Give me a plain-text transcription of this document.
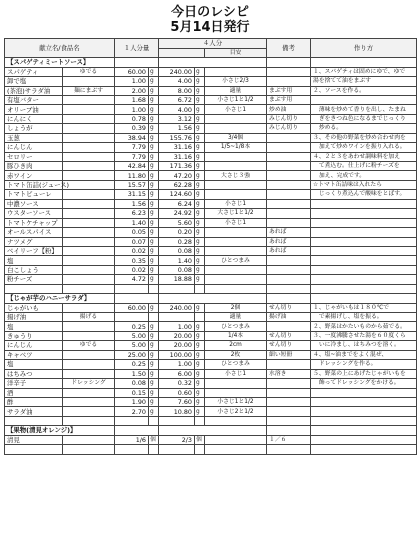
今日のレシピ
5月14日発行
献立名/食品名		１人分量		４人分			備考	作り方
						目安		
【スパゲティミートソース】								
スパゲティ	ゆでる	60.00	g	240.00	g			１、スパゲティは固めにゆで、ゆで
卸で塩		1.00	g	4.00	g	小さじ2/3		湯を捨てて油をまぶす
(茶泡)サラダ油	麺にまぶす	2.00	g	8.00	g	適量	まぶす用	２、ソースを作る。
有塩バター		1.68	g	6.72	g	小さじ1と1/2	まぶす用	
オリーブ油		1.00	g	4.00	g	小さじ1	炒め油	　薄味を炒めて香りを出し、たまね
にんにく		0.78	g	3.12	g		みじん切り	　ぎをきつね色になるまでじっくり
しょうが		0.39	g	1.56	g		みじん切り	　炒める。
玉葱		38.94	g	155.76	g	3/4個		３、その他の野菜を炒め合わせ肉を
にんじん		7.79	g	31.16	g	1/5~1/8本		　加えて炒めワインを振り入れる。
セロリー		7.79	g	31.16	g			４、２と３をあわせ調味料を加え
豚ひき肉		42.84	g	171.36	g			　て煮込む。仕上げに粉チーズを
赤ワイン		11.80	g	47.20	g	大さじ３強		　加え、完成です。
トマト缶詰(ジュース)		15.57	g	62.28	g			☆トマト缶詰味は入れたら
トマトピューレ		31.15	g	124.60	g			　じっくり煮込んで酸味をとばす。
中濃ソース		1.56	g	6.24	g	小さじ1		
ウスターソース		6.23	g	24.92	g	大さじ1と1/2		
トマトケチャップ		1.40	g	5.60	g	小さじ1		
オールスパイス		0.05	g	0.20	g		あれば	
ナツメグ		0.07	g	0.28	g		あれば	
ベイリーフ【粉】		0.02	g	0.08	g		あれば	
塩		0.35	g	1.40	g	ひとつまみ		
白こしょう		0.02	g	0.08	g			
粉チーズ		4.72	g	18.88	g			

【じゃが芋のハニーサラダ】								
じゃがいも		60.00	g	240.00	g	2個	せん切り	１、じゃがいもは１８０℃で
揚げ油	揚げる					適量	揚げ油	　で素揚げし、塩を振る。
塩		0.25	g	1.00	g	ひとつまみ		２、野菜はかたいものから茹でる。
きゅうり		5.00	g	20.00	g	1/4本	せん切り	３、一度沸騰させた湯を６０度くら
にんじん	ゆでる	5.00	g	20.00	g	2cm	せん切り	　いに冷まし、はちみつを溶く。
キャベツ		25.00	g	100.00	g	2枚	細い短冊	４、塩~油までをよく混ぜ、
塩		0.25	g	1.00	g	ひとつまみ		　ドレッシングを作る。
はちみつ		1.50	g	6.00	g	小さじ1	水溶き	５、野菜の上にあげたじゃがいもを
洋辛子	ドレッシング	0.08	g	0.32	g			　飾ってドレッシングをかける。
酒		0.15	g	0.60	g			
酢		1.90	g	7.60	g	小さじ1と1/2		
サラダ油		2.70	g	10.80	g	小さじ2と1/2		

【果物(清見オレンジ)】								
清見		1/6	個	2/3	個		１／６	
